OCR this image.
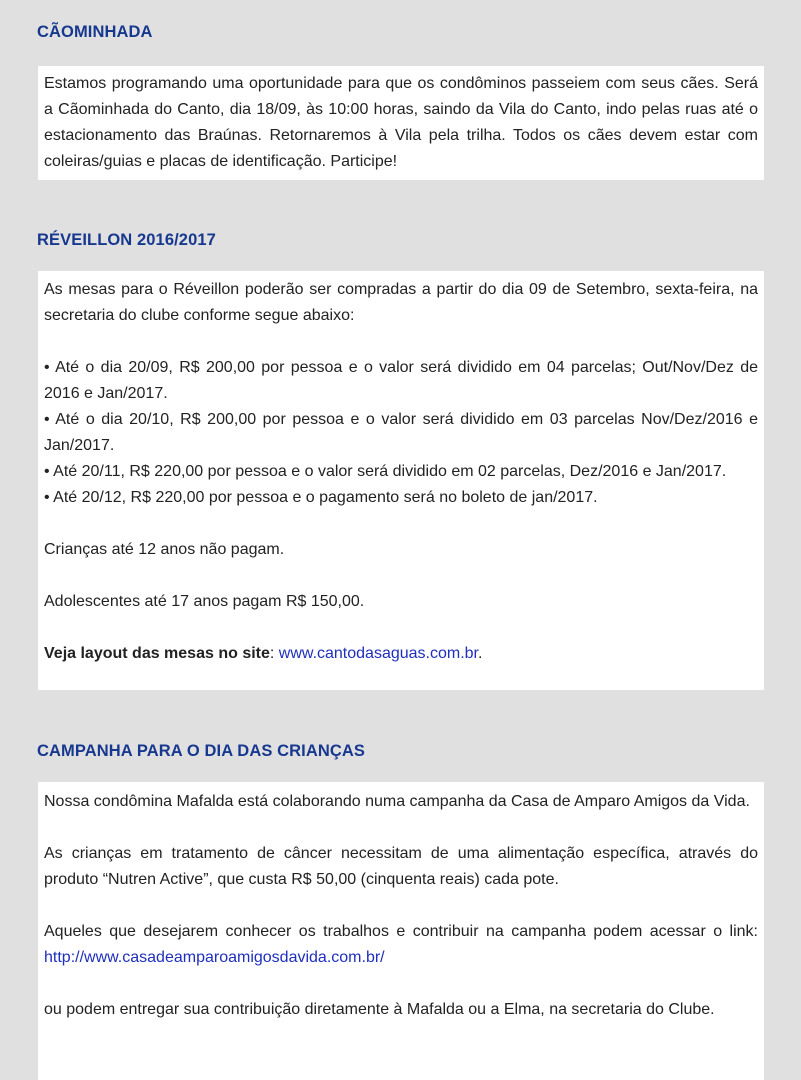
CÃOMINHADA

Estamos programando uma oportunidade para que os condôminos passeiem com seus cães. Será a Cãominhada do Canto, dia 18/09, às 10:00 horas, saindo da Vila do Canto, indo pelas ruas até o estacionamento das Braúnas. Retornaremos à Vila pela trilha. Todos os cães devem estar com coleiras/guias e placas de identificação. Participe!

RÉVEILLON 2016/2017

As mesas para o Réveillon poderão ser compradas a partir do dia 09 de Setembro, sexta-feira, na secretaria do clube conforme segue abaixo:

• Até o dia 20/09, R$ 200,00 por pessoa e o valor será dividido em 04 parcelas; Out/Nov/Dez de 2016 e Jan/2017.

• Até o dia 20/10, R$ 200,00 por pessoa e o valor será dividido em 03 parcelas Nov/Dez/2016 e Jan/2017.

• Até 20/11, R$ 220,00 por pessoa e o valor será dividido em 02 parcelas, Dez/2016 e Jan/2017.

• Até 20/12, R$ 220,00 por pessoa e o pagamento será no boleto de jan/2017.

Crianças até 12 anos não pagam.

Adolescentes até 17 anos pagam R$ 150,00.

Veja layout das mesas no site: www.cantodasaguas.com.br.

CAMPANHA PARA O DIA DAS CRIANÇAS

Nossa condômina Mafalda está colaborando numa campanha da Casa de Amparo Amigos da Vida.

As crianças em tratamento de câncer necessitam de uma alimentação específica, através do produto “Nutren Active”, que custa R$ 50,00 (cinquenta reais) cada pote.

Aqueles que desejarem conhecer os trabalhos e contribuir na campanha podem acessar o link: http://www.casadeamparoamigosdavida.com.br/

ou podem entregar sua contribuição diretamente à Mafalda ou a Elma, na secretaria do Clube.
